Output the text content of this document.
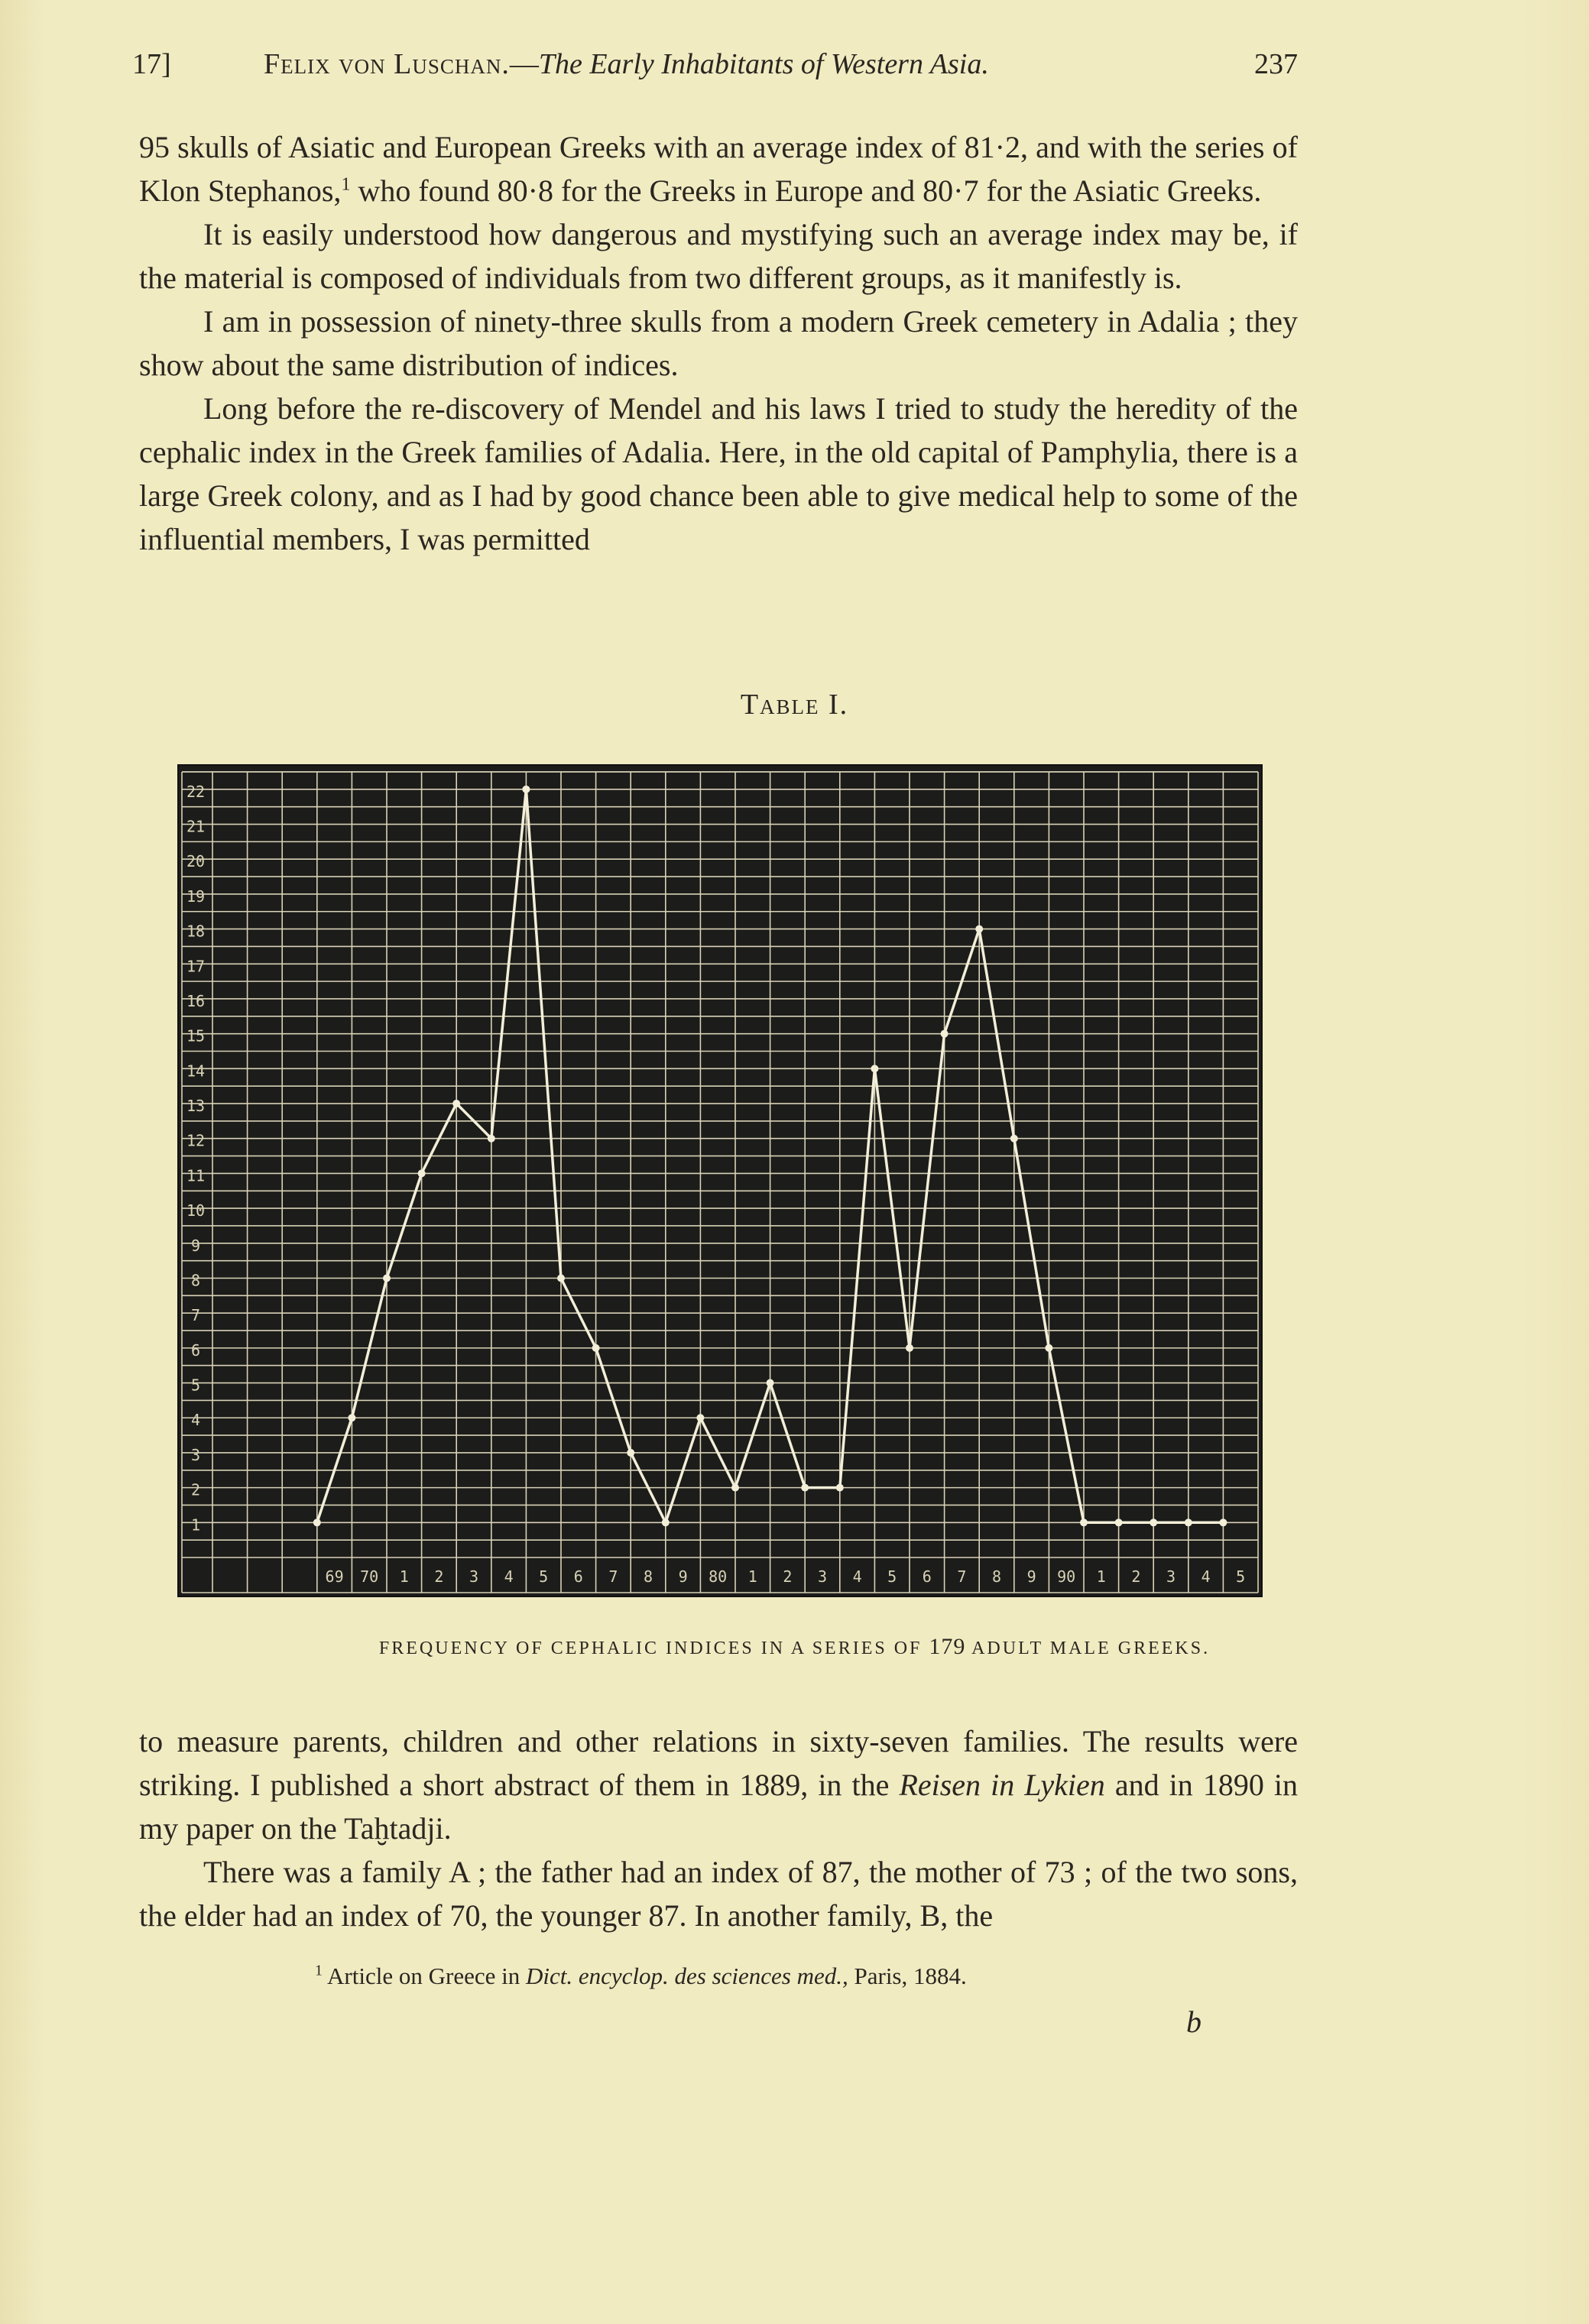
17]	Felix von Luschan.—The Early Inhabitants of Western Asia.	237

95 skulls of Asiatic and European Greeks with an average index of 81·2, and with the series of Klon Stephanos,$^1$ who found 80·8 for the Greeks in Europe and 80·7 for the Asiatic Greeks.

It is easily understood how dangerous and mystifying such an average index may be, if the material is composed of individuals from two different groups, as it manifestly is.

I am in possession of ninety-three skulls from a modern Greek cemetery in Adalia ; they show about the same distribution of indices.

Long before the re-discovery of Mendel and his laws I tried to study the heredity of the cephalic index in the Greek families of Adalia. Here, in the old capital of Pamphylia, there is a large Greek colony, and as I had by good chance been able to give medical help to some of the influential members, I was permitted

Table I.
1
2
3
4
5
6
7
8
9
10
11
12
13
14
15
16
17
18
19
20
21
22
69 70 1 2 3 4 5 6 7 8 9 80 1 2 3 4 5 6 7 8 9 90 1 2 3 4 5
FREQUENCY OF CEPHALIC INDICES IN A SERIES OF 179 ADULT MALE GREEKS.

to measure parents, children and other relations in sixty-seven families. The results were striking. I published a short abstract of them in 1889, in the Reisen in Lykien and in 1890 in my paper on the Taḫtadji.

There was a family A ; the father had an index of 87, the mother of 73 ; of the two sons, the elder had an index of 70, the younger 87. In another family, B, the

$^1$ Article on Greece in Dict. encyclop. des sciences med., Paris, 1884.
b
